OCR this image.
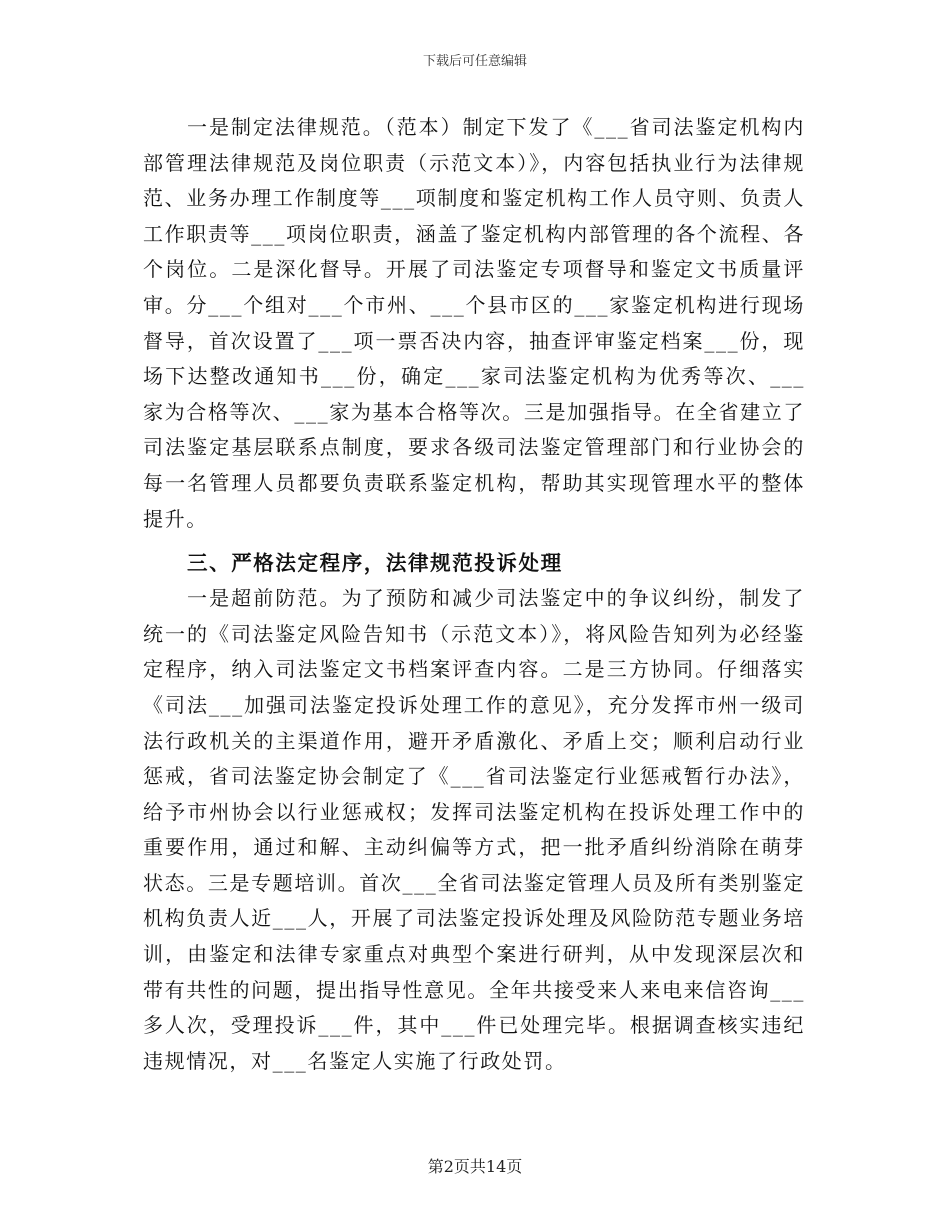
下载后可任意编辑

一是制定法律规范。（范本）制定下发了《___省司法鉴定机构内部管理法律规范及岗位职责（示范文本）》，内容包括执业行为法律规范、业务办理工作制度等___项制度和鉴定机构工作人员守则、负责人工作职责等___项岗位职责，涵盖了鉴定机构内部管理的各个流程、各个岗位。二是深化督导。开展了司法鉴定专项督导和鉴定文书质量评审。分___个组对___个市州、___个县市区的___家鉴定机构进行现场督导，首次设置了___项一票否决内容，抽查评审鉴定档案___份，现场下达整改通知书___份，确定___家司法鉴定机构为优秀等次、___家为合格等次、___家为基本合格等次。三是加强指导。在全省建立了司法鉴定基层联系点制度，要求各级司法鉴定管理部门和行业协会的每一名管理人员都要负责联系鉴定机构，帮助其实现管理水平的整体提升。

三、严格法定程序，法律规范投诉处理

一是超前防范。为了预防和减少司法鉴定中的争议纠纷，制发了统一的《司法鉴定风险告知书（示范文本）》，将风险告知列为必经鉴定程序，纳入司法鉴定文书档案评查内容。二是三方协同。仔细落实《司法___加强司法鉴定投诉处理工作的意见》，充分发挥市州一级司法行政机关的主渠道作用，避开矛盾激化、矛盾上交；顺利启动行业惩戒，省司法鉴定协会制定了《___省司法鉴定行业惩戒暂行办法》，给予市州协会以行业惩戒权；发挥司法鉴定机构在投诉处理工作中的重要作用，通过和解、主动纠偏等方式，把一批矛盾纠纷消除在萌芽状态。三是专题培训。首次___全省司法鉴定管理人员及所有类别鉴定机构负责人近___人，开展了司法鉴定投诉处理及风险防范专题业务培训，由鉴定和法律专家重点对典型个案进行研判，从中发现深层次和带有共性的问题，提出指导性意见。全年共接受来人来电来信咨询___多人次，受理投诉___件，其中___件已处理完毕。根据调查核实违纪违规情况，对___名鉴定人实施了行政处罚。

第2页共14页
